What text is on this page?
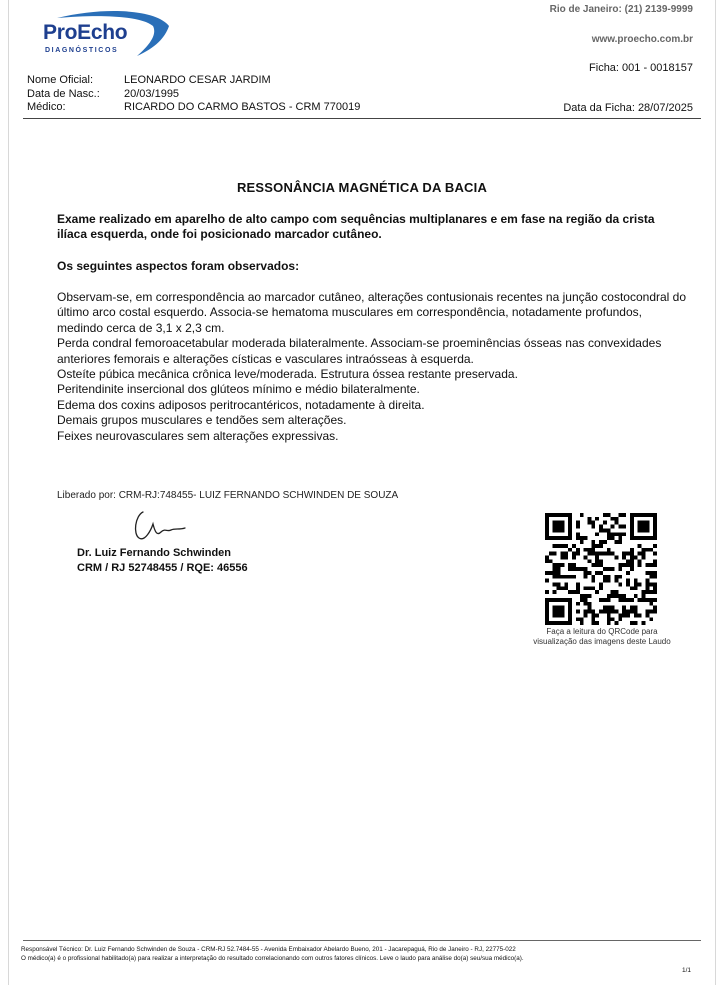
ProEcho
DIAGNÓSTICOS
Rio de Janeiro: (21) 2139-9999
www.proecho.com.br
Ficha: 001 - 0018157
Nome Oficial:	LEONARDO CESAR JARDIM
Data de Nasc.:	20/03/1995
Médico:	RICARDO DO CARMO BASTOS - CRM 770019	Data da Ficha: 28/07/2025
RESSONÂNCIA MAGNÉTICA DA BACIA
Exame realizado em aparelho de alto campo com sequências multiplanares e em fase na região da crista ilíaca esquerda, onde foi posicionado marcador cutâneo.
Os seguintes aspectos foram observados:

Observam-se, em correspondência ao marcador cutâneo, alterações contusionais recentes na junção costocondral do último arco costal esquerdo. Associa-se hematoma musculares em correspondência, notadamente profundos, medindo cerca de 3,1 x 2,3 cm.

Perda condral femoroacetabular moderada bilateralmente. Associam-se proeminências ósseas nas convexidades anteriores femorais e alterações císticas e vasculares intraósseas à esquerda.

Osteíte púbica mecânica crônica leve/moderada. Estrutura óssea restante preservada.

Peritendinite insercional dos glúteos mínimo e médio bilateralmente.

Edema dos coxins adiposos peritrocantéricos, notadamente à direita.

Demais grupos musculares e tendões sem alterações.

Feixes neurovasculares sem alterações expressivas.

Liberado por: CRM-RJ:748455- LUIZ FERNANDO SCHWINDEN DE SOUZA
Dr. Luiz Fernando Schwinden
CRM / RJ 52748455 / RQE: 46556
Faça a leitura do QRCode para visualização das imagens deste Laudo
Responsável Técnico: Dr. Luiz Fernando Schwinden de Souza - CRM-RJ 52.7484-55 - Avenida Embaixador Abelardo Bueno, 201 - Jacarepaguá, Rio de Janeiro - RJ, 22775-022
O médico(a) é o profissional habilitado(a) para realizar a interpretação do resultado correlacionando com outros fatores clínicos. Leve o laudo para análise do(a) seu/sua médico(a).
1/1
